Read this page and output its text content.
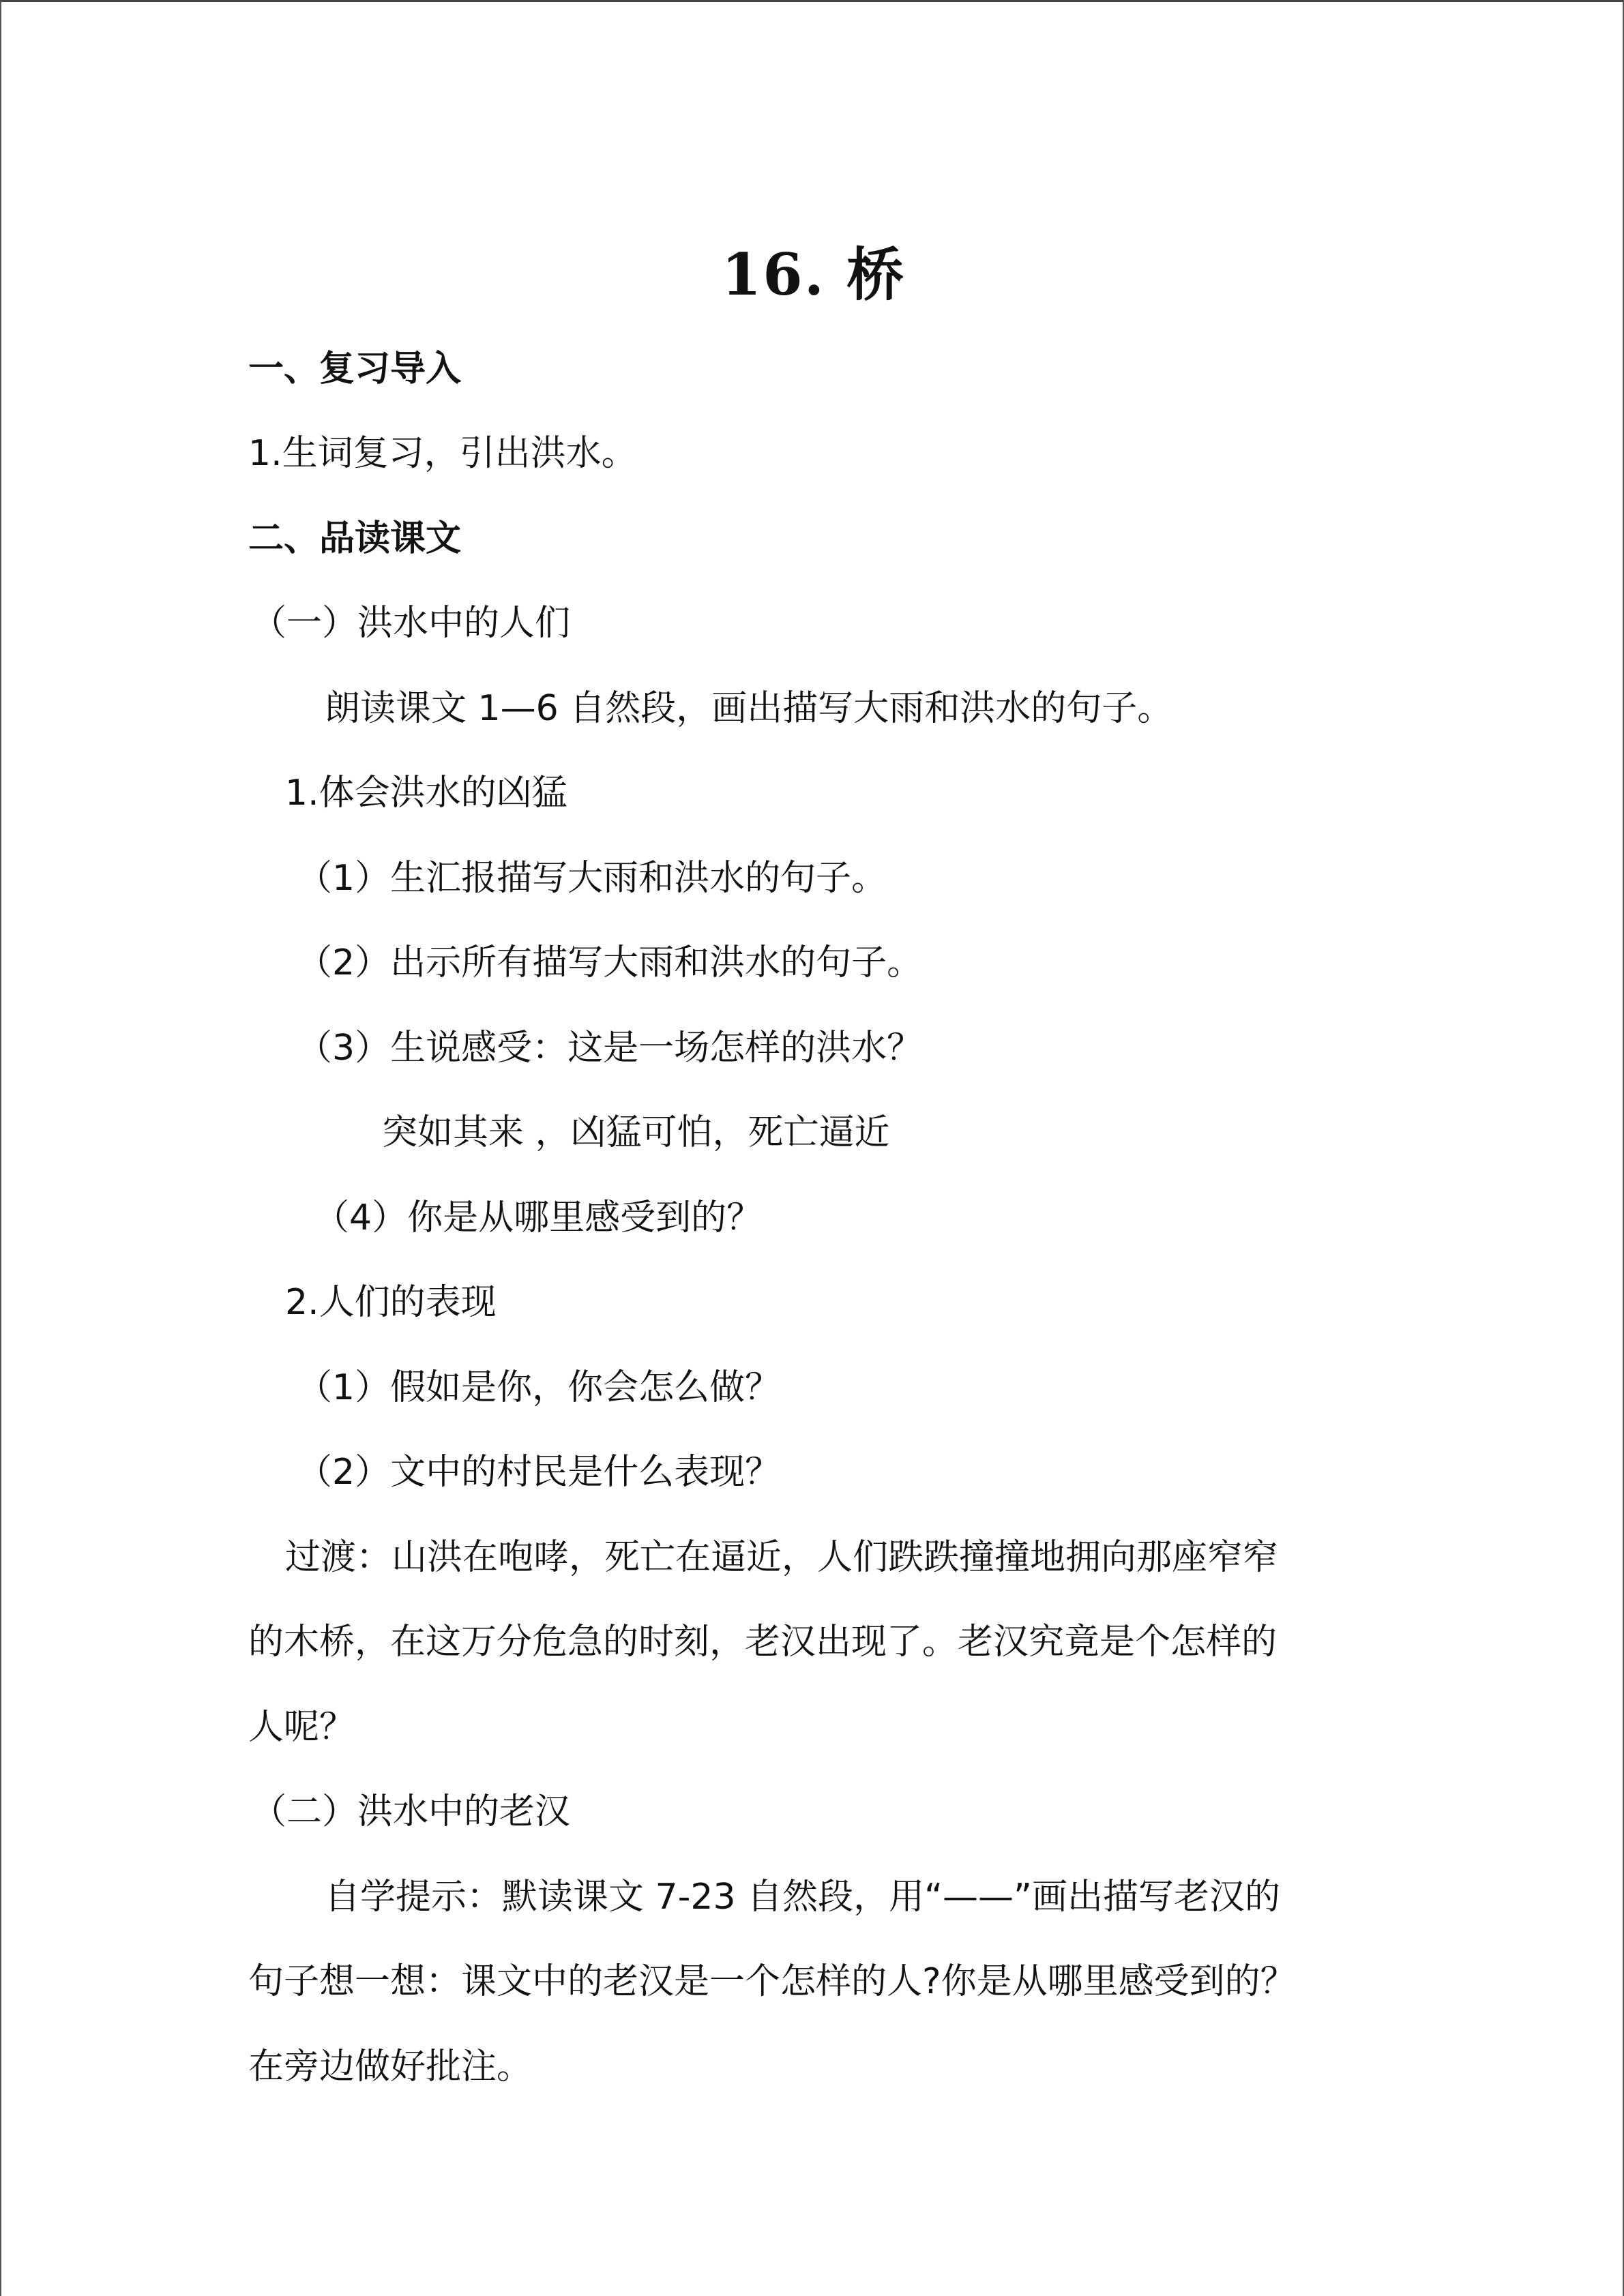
16. 桥
一、复习导入
1.生词复习，引出洪水。
二、品读课文
（一）洪水中的人们
朗读课文 1—6 自然段，画出描写大雨和洪水的句子。
1.体会洪水的凶猛
（1）生汇报描写大雨和洪水的句子。
（2）出示所有描写大雨和洪水的句子。
（3）生说感受：这是一场怎样的洪水？
突如其来 ，凶猛可怕，死亡逼近
（4）你是从哪里感受到的？
2.人们的表现
（1）假如是你，你会怎么做？
（2）文中的村民是什么表现？
过渡：山洪在咆哮，死亡在逼近，人们跌跌撞撞地拥向那座窄窄
的木桥，在这万分危急的时刻，老汉出现了。老汉究竟是个怎样的
人呢？
（二）洪水中的老汉
自学提示：默读课文 7-23 自然段，用“——”画出描写老汉的
句子想一想：课文中的老汉是一个怎样的人?你是从哪里感受到的？
在旁边做好批注。
